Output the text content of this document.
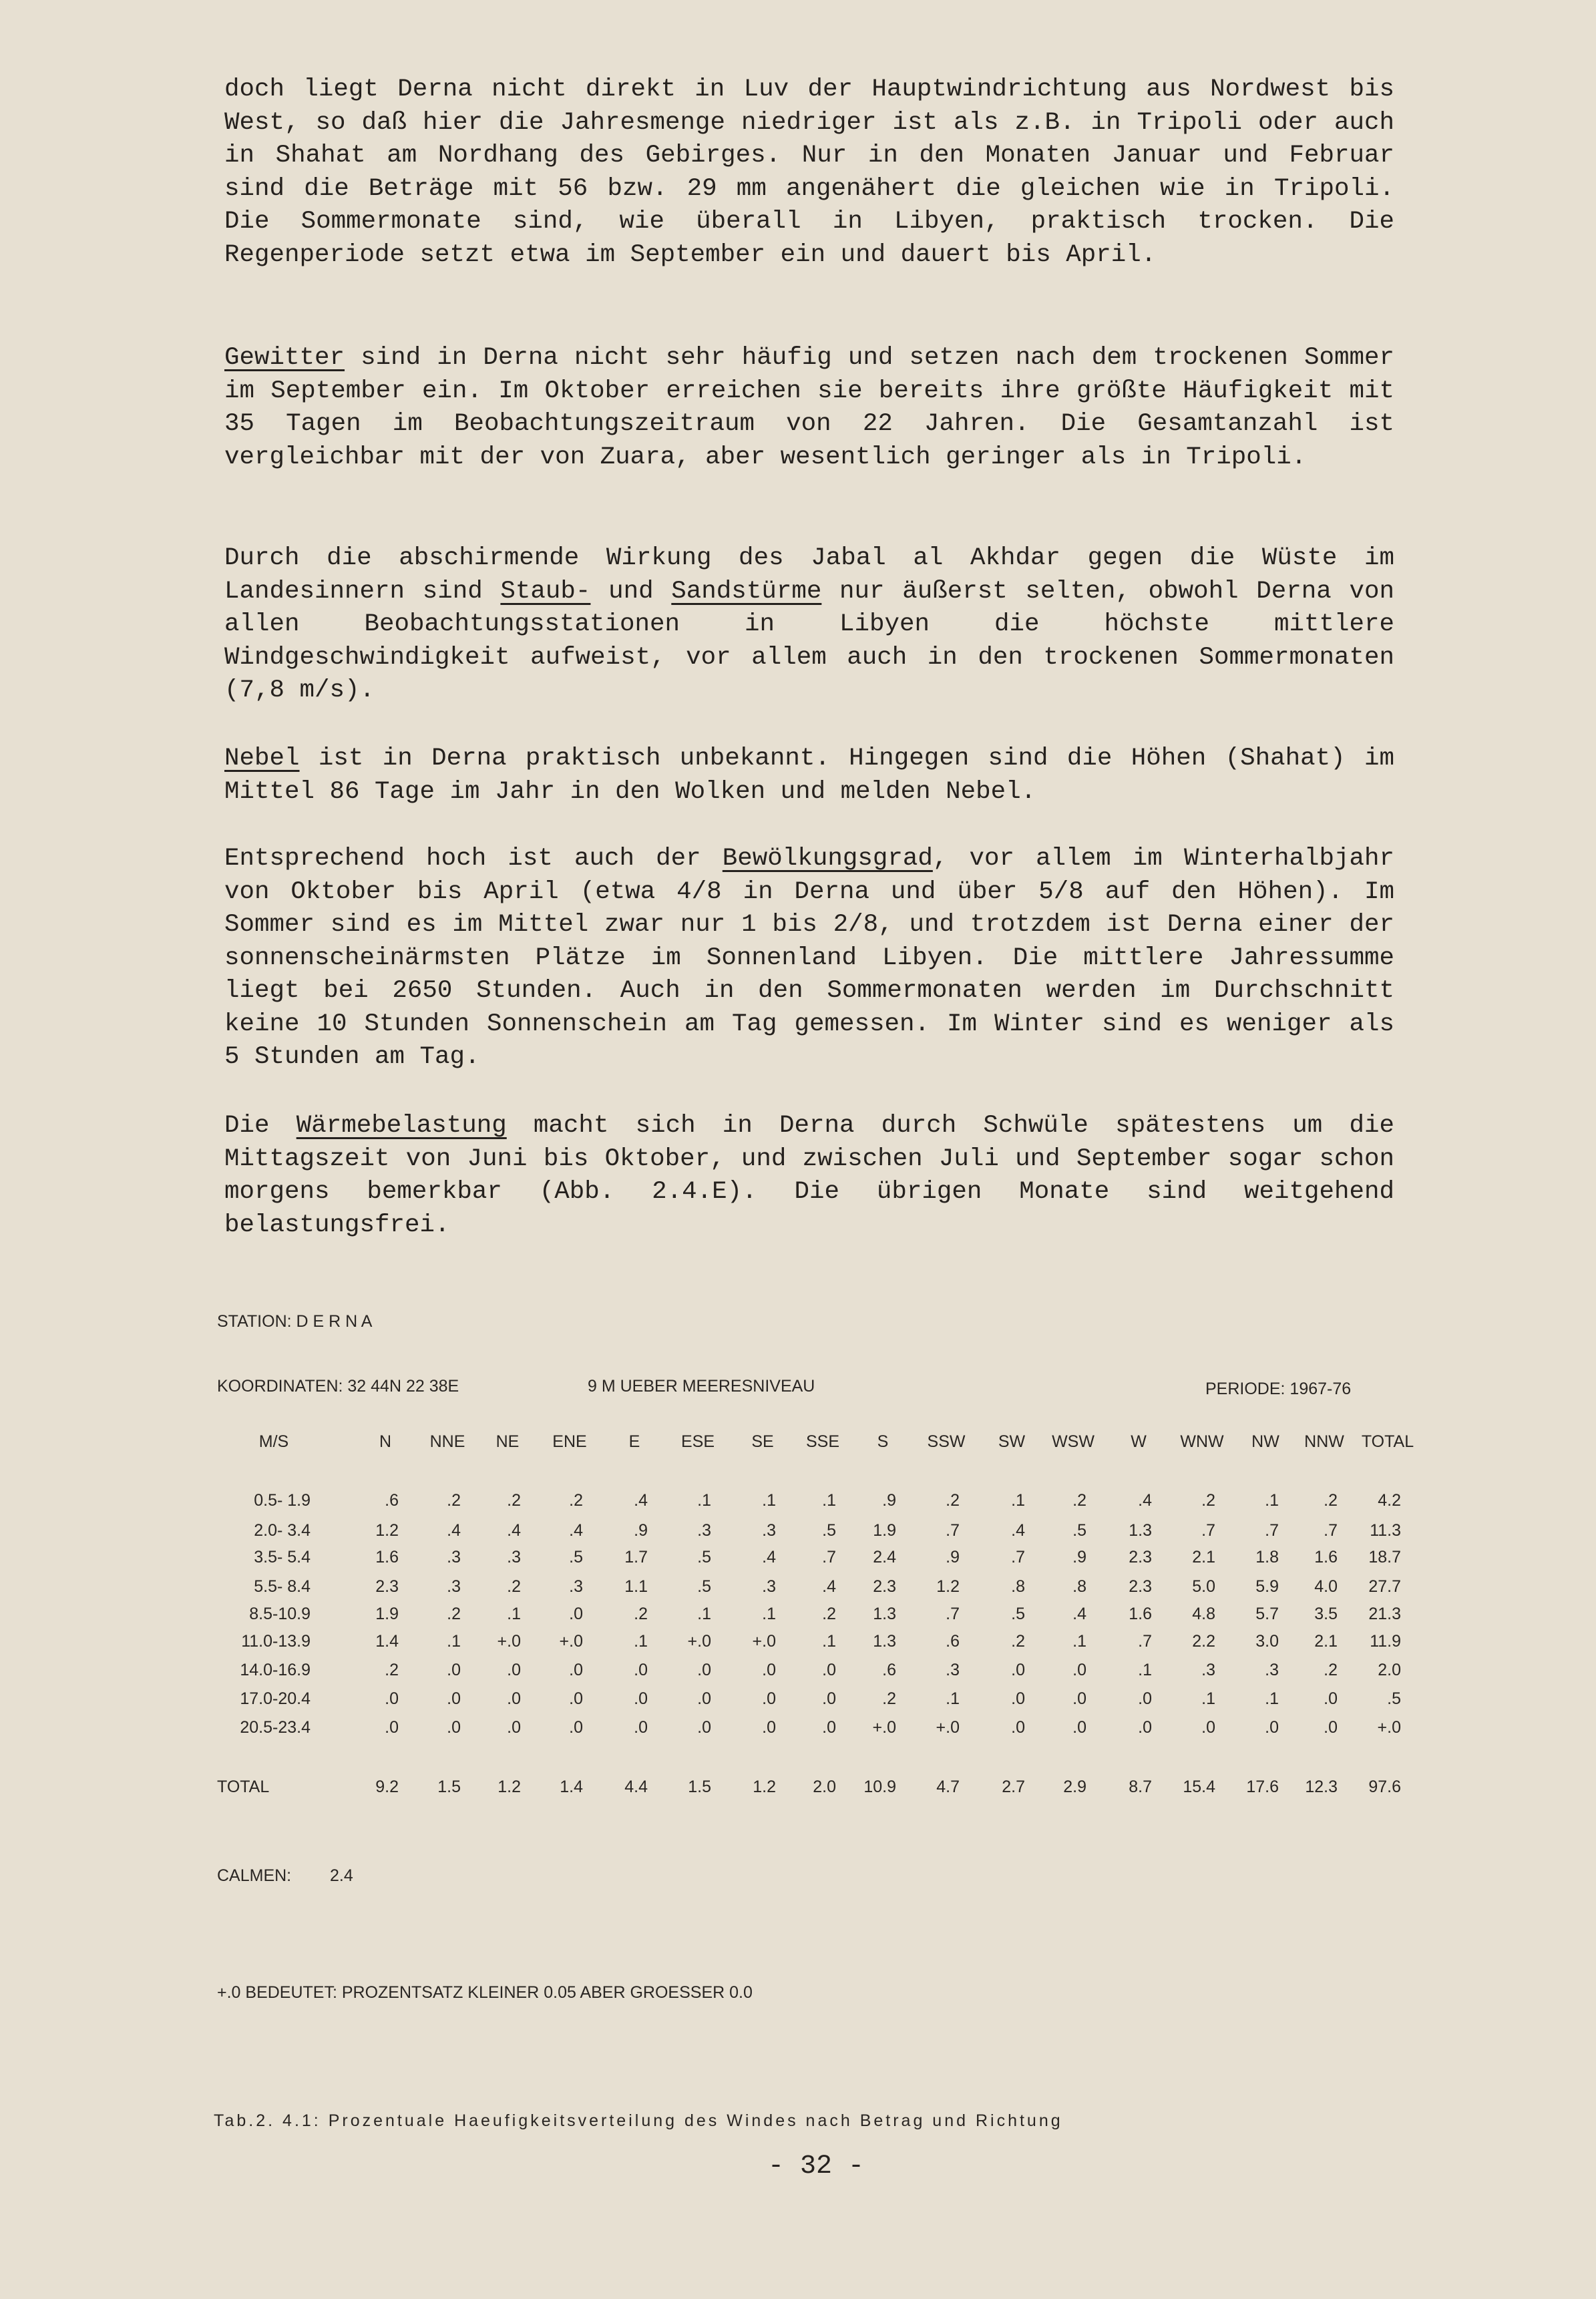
doch liegt Derna nicht direkt in Luv der Hauptwindrichtung aus Nordwest bis West, so daß hier die Jahresmenge niedriger ist als z.B. in Tripoli oder auch in Shahat am Nordhang des Gebirges. Nur in den Monaten Januar und Februar sind die Beträge mit 56 bzw. 29 mm angenähert die gleichen wie in Tripoli. Die Sommermonate sind, wie überall in Libyen, praktisch trocken. Die Regenperiode setzt etwa im September ein und dauert bis April.

Gewitter sind in Derna nicht sehr häufig und setzen nach dem trockenen Sommer im September ein. Im Oktober erreichen sie bereits ihre größte Häufigkeit mit 35 Tagen im Beobachtungszeitraum von 22 Jahren. Die Gesamtanzahl ist vergleichbar mit der von Zuara, aber wesentlich geringer als in Tripoli.

Durch die abschirmende Wirkung des Jabal al Akhdar gegen die Wüste im Landesinnern sind Staub- und Sandstürme nur äußerst selten, obwohl Derna von allen Beobachtungsstationen in Libyen die höchste mittlere Windgeschwindigkeit aufweist, vor allem auch in den trockenen Sommermonaten (7,8 m/s).

Nebel ist in Derna praktisch unbekannt. Hingegen sind die Höhen (Shahat) im Mittel 86 Tage im Jahr in den Wolken und melden Nebel.

Entsprechend hoch ist auch der Bewölkungsgrad, vor allem im Winterhalbjahr von Oktober bis April (etwa 4/8 in Derna und über 5/8 auf den Höhen). Im Sommer sind es im Mittel zwar nur 1 bis 2/8, und trotzdem ist Derna einer der sonnenscheinärmsten Plätze im Sonnenland Libyen. Die mittlere Jahressumme liegt bei 2650 Stunden. Auch in den Sommermonaten werden im Durchschnitt keine 10 Stunden Sonnenschein am Tag gemessen. Im Winter sind es weniger als 5 Stunden am Tag.

Die Wärmebelastung macht sich in Derna durch Schwüle spätestens um die Mittagszeit von Juni bis Oktober, und zwischen Juli und September sogar schon morgens bemerkbar (Abb. 2.4.E). Die übrigen Monate sind weitgehend belastungsfrei.

STATION: D E R N A
KOORDINATEN: 32 44N 22 38E	9 M UEBER MEERESNIVEAU	PERIODE: 1967-76
M/S	N	NNE	NE	ENE	E	ESE	SE	SSE	S	SSW	SW	WSW	W	WNW	NW	NNW	TOTAL
0.5- 1.9	.6	.2	.2	.2	.4	.1	.1	.1	.9	.2	.1	.2	.4	.2	.1	.2	4.2
2.0- 3.4	1.2	.4	.4	.4	.9	.3	.3	.5	1.9	.7	.4	.5	1.3	.7	.7	.7	11.3
3.5- 5.4	1.6	.3	.3	.5	1.7	.5	.4	.7	2.4	.9	.7	.9	2.3	2.1	1.8	1.6	18.7
5.5- 8.4	2.3	.3	.2	.3	1.1	.5	.3	.4	2.3	1.2	.8	.8	2.3	5.0	5.9	4.0	27.7
8.5-10.9	1.9	.2	.1	.0	.2	.1	.1	.2	1.3	.7	.5	.4	1.6	4.8	5.7	3.5	21.3
11.0-13.9	1.4	.1	+.0	+.0	.1	+.0	+.0	.1	1.3	.6	.2	.1	.7	2.2	3.0	2.1	11.9
14.0-16.9	.2	.0	.0	.0	.0	.0	.0	.0	.6	.3	.0	.0	.1	.3	.3	.2	2.0
17.0-20.4	.0	.0	.0	.0	.0	.0	.0	.0	.2	.1	.0	.0	.0	.1	.1	.0	.5
20.5-23.4	.0	.0	.0	.0	.0	.0	.0	.0	+.0	+.0	.0	.0	.0	.0	.0	.0	+.0
TOTAL	9.2	1.5	1.2	1.4	4.4	1.5	1.2	2.0	10.9	4.7	2.7	2.9	8.7	15.4	17.6	12.3	97.6
CALMEN: 2.4
+.0 BEDEUTET: PROZENTSATZ KLEINER 0.05 ABER GROESSER 0.0
Tab.2. 4.1: Prozentuale Haeufigkeitsverteilung des Windes nach Betrag und Richtung
- 32 -
